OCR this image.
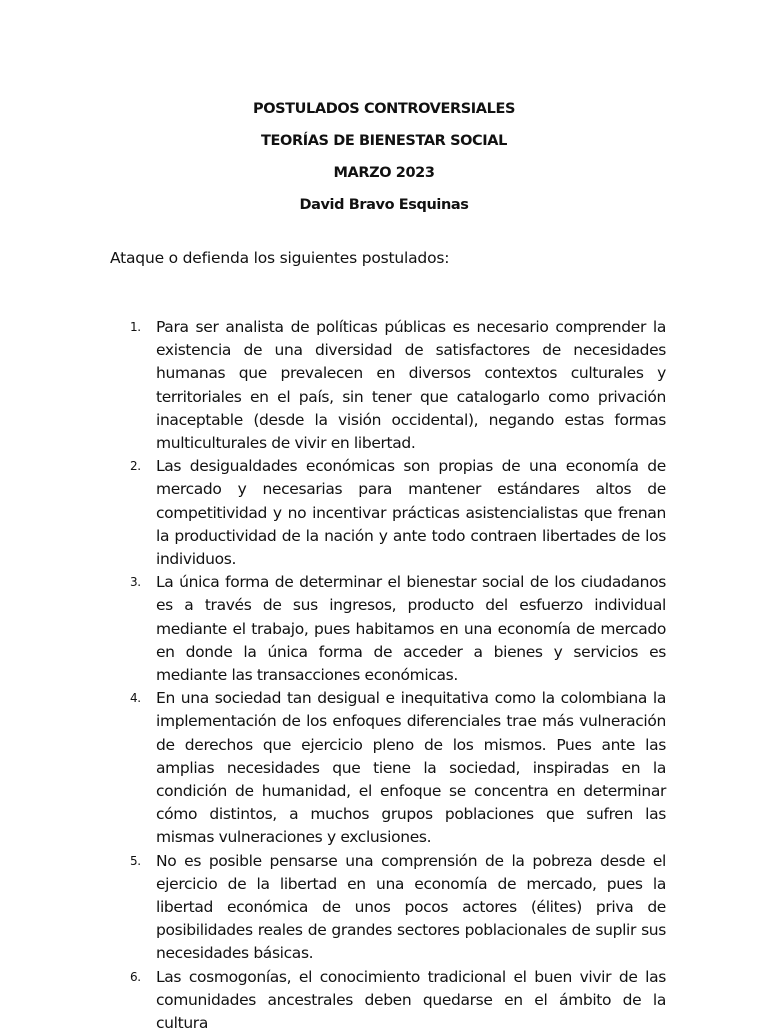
POSTULADOS CONTROVERSIALES
TEORÍAS DE BIENESTAR SOCIAL
MARZO 2023
David Bravo Esquinas
Ataque o defienda los siguientes postulados:
1. Para ser analista de políticas públicas es necesario comprender la existencia de una diversidad de satisfactores de necesidades humanas que prevalecen en diversos contextos culturales y territoriales en el país, sin tener que catalogarlo como privación inaceptable (desde la visión occidental), negando estas formas multiculturales de vivir en libertad.
2. Las desigualdades económicas son propias de una economía de mercado y necesarias para mantener estándares altos de competitividad y no incentivar prácticas asistencialistas que frenan la productividad de la nación y ante todo contraen libertades de los individuos.
3. La única forma de determinar el bienestar social de los ciudadanos es a través de sus ingresos, producto del esfuerzo individual mediante el trabajo, pues habitamos en una economía de mercado en donde la única forma de acceder a bienes y servicios es mediante las transacciones económicas.
4. En una sociedad tan desigual e inequitativa como la colombiana la implementación de los enfoques diferenciales trae más vulneración de derechos que ejercicio pleno de los mismos. Pues ante las amplias necesidades que tiene la sociedad, inspiradas en la condición de humanidad, el enfoque se concentra en determinar cómo distintos, a muchos grupos poblaciones que sufren las mismas vulneraciones y exclusiones.
5. No es posible pensarse una comprensión de la pobreza desde el ejercicio de la libertad en una economía de mercado, pues la libertad económica de unos pocos actores (élites) priva de posibilidades reales de grandes sectores poblacionales de suplir sus necesidades básicas.
6. Las cosmogonías, el conocimiento tradicional el buen vivir de las comunidades ancestrales deben quedarse en el ámbito de la cultura
